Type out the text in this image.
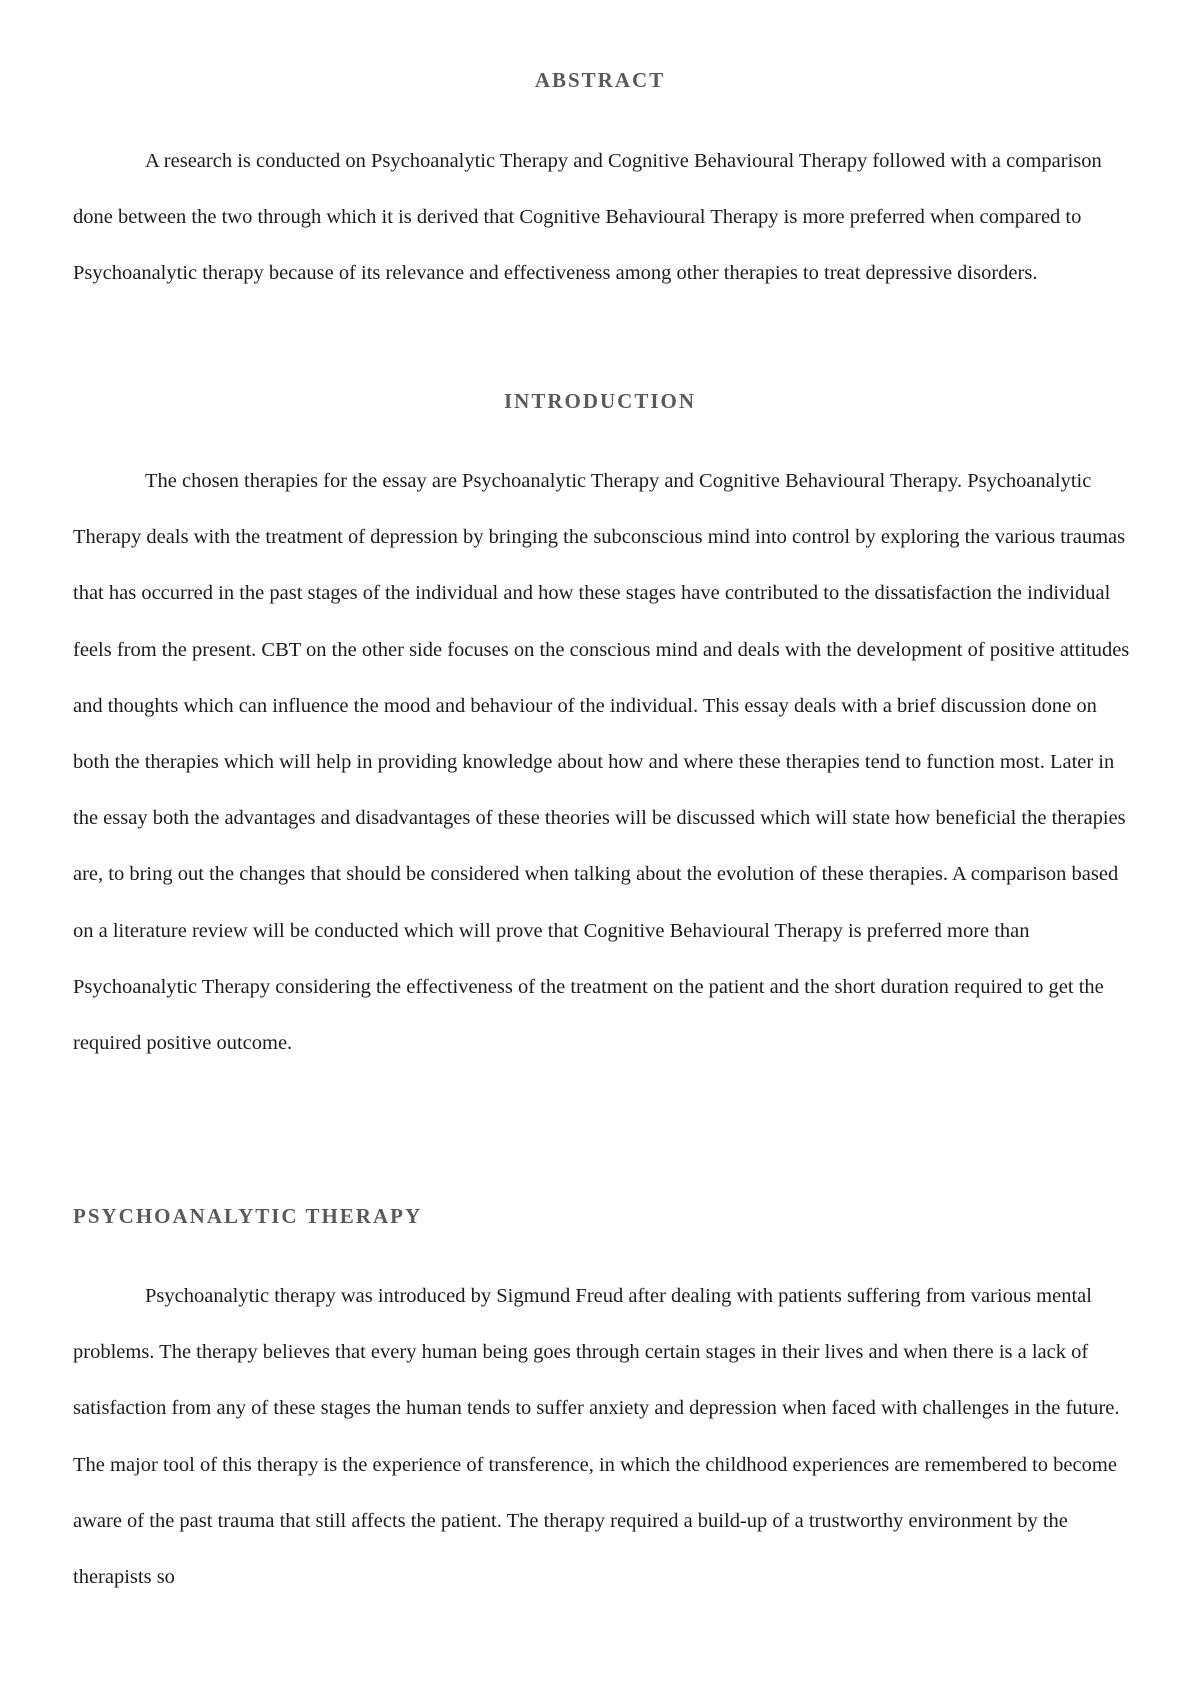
ABSTRACT

A research is conducted on Psychoanalytic Therapy and Cognitive Behavioural Therapy followed with a comparison done between the two through which it is derived that Cognitive Behavioural Therapy is more preferred when compared to Psychoanalytic therapy because of its relevance and effectiveness among other therapies to treat depressive disorders.

INTRODUCTION

The chosen therapies for the essay are Psychoanalytic Therapy and Cognitive Behavioural Therapy. Psychoanalytic Therapy deals with the treatment of depression by bringing the subconscious mind into control by exploring the various traumas that has occurred in the past stages of the individual and how these stages have contributed to the dissatisfaction the individual feels from the present. CBT on the other side focuses on the conscious mind and deals with the development of positive attitudes and thoughts which can influence the mood and behaviour of the individual. This essay deals with a brief discussion done on both the therapies which will help in providing knowledge about how and where these therapies tend to function most. Later in the essay both the advantages and disadvantages of these theories will be discussed which will state how beneficial the therapies are, to bring out the changes that should be considered when talking about the evolution of these therapies. A comparison based on a literature review will be conducted which will prove that Cognitive Behavioural Therapy is preferred more than Psychoanalytic Therapy considering the effectiveness of the treatment on the patient and the short duration required to get the required positive outcome.

PSYCHOANALYTIC THERAPY

Psychoanalytic therapy was introduced by Sigmund Freud after dealing with patients suffering from various mental problems. The therapy believes that every human being goes through certain stages in their lives and when there is a lack of satisfaction from any of these stages the human tends to suffer anxiety and depression when faced with challenges in the future. The major tool of this therapy is the experience of transference, in which the childhood experiences are remembered to become aware of the past trauma that still affects the patient. The therapy required a build-up of a trustworthy environment by the therapists so
